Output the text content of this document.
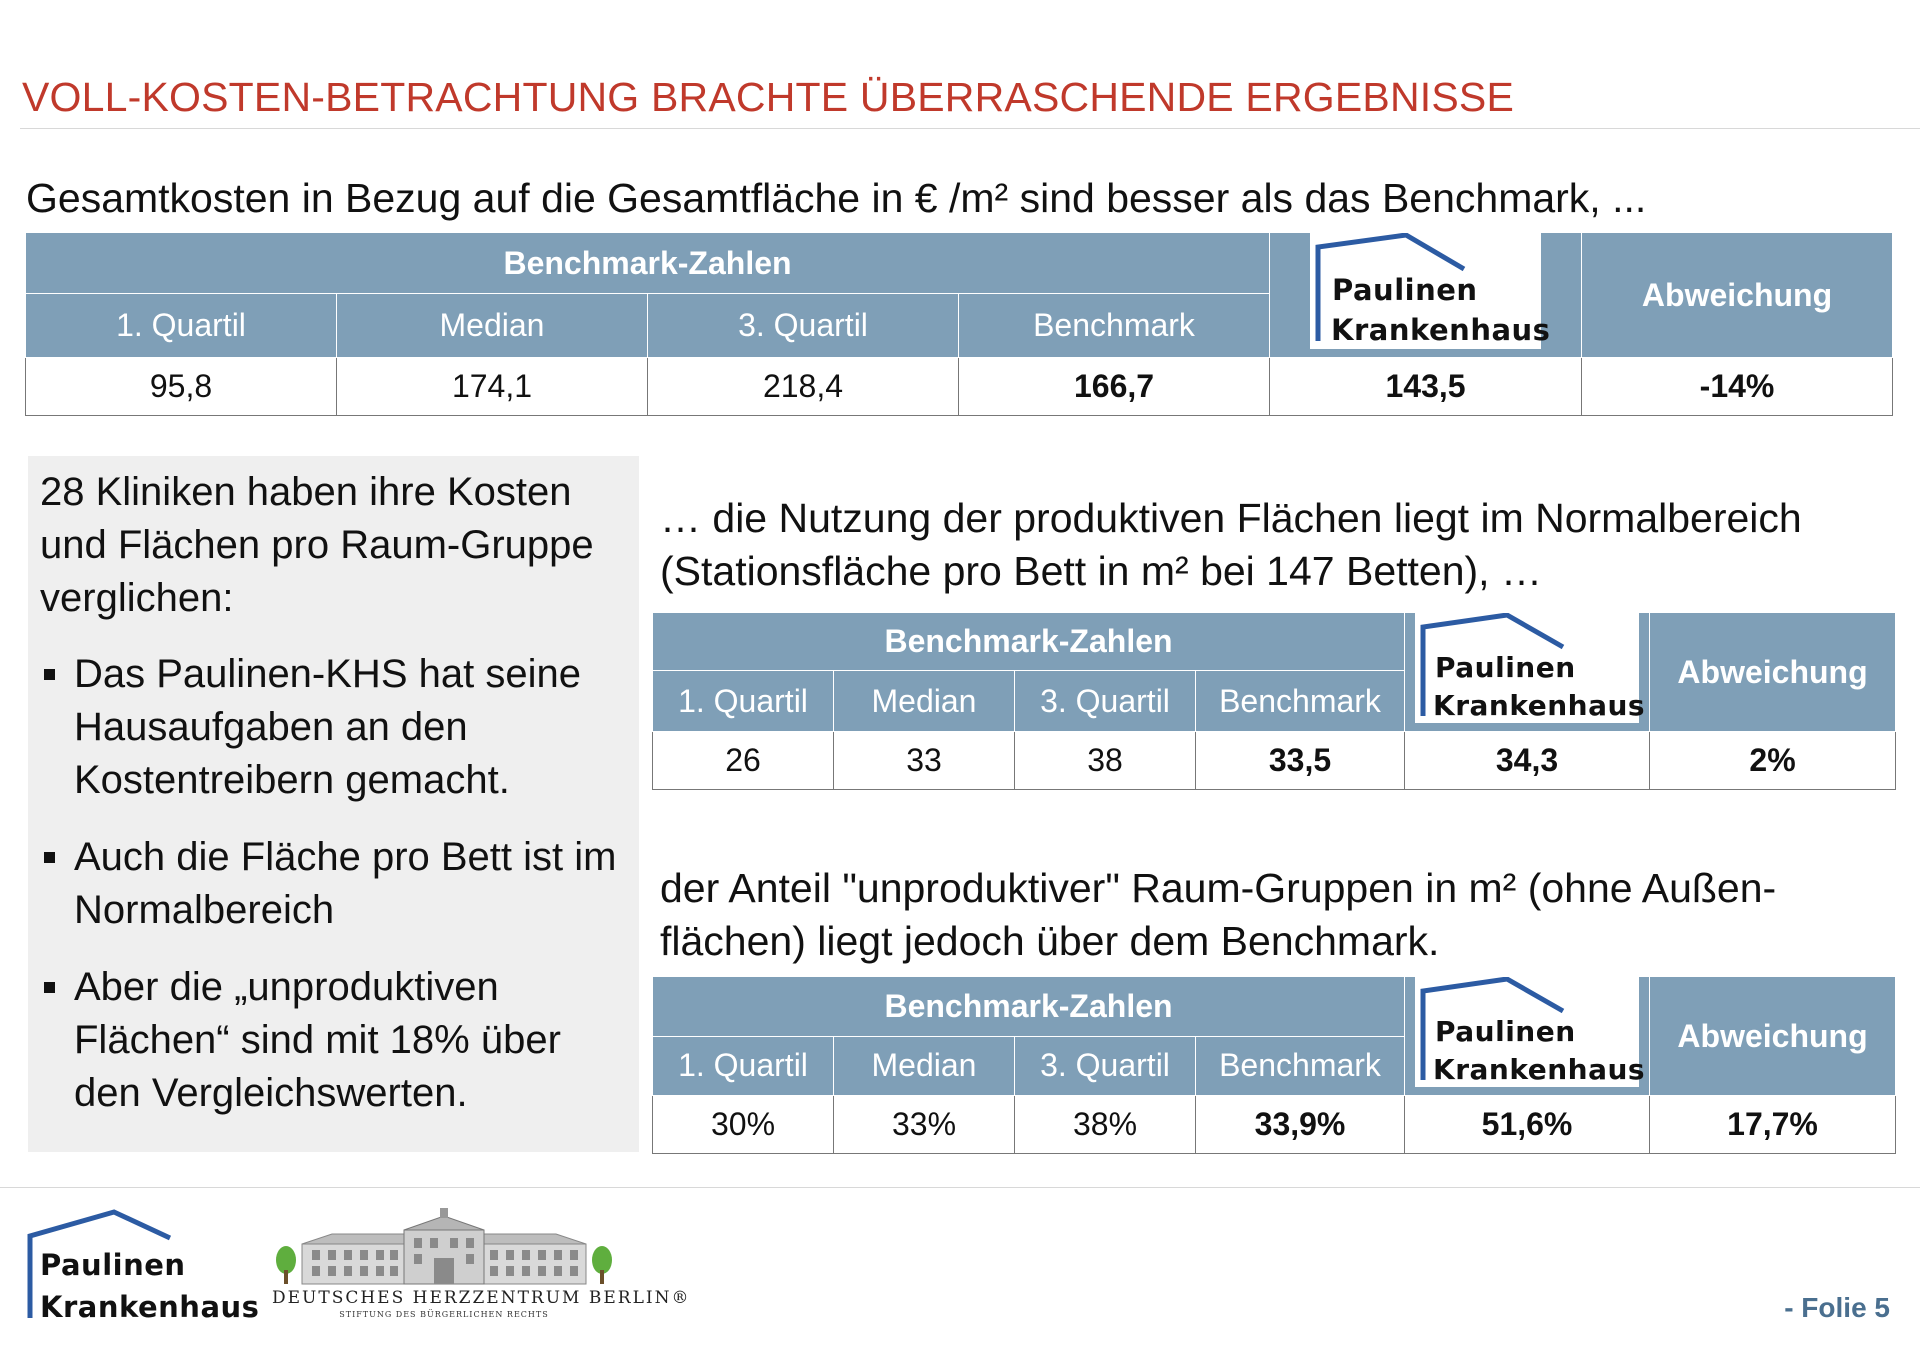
VOLL-KOSTEN-BETRACHTUNG BRACHTE ÜBERRASCHENDE ERGEBNISSE
Gesamtkosten in Bezug auf die Gesamtfläche in € /m² sind besser als das Benchmark, ...
Benchmark-Zahlen				Paulinen
Krankenhaus	Abweichung
1. Quartil	Median	3. Quartil	Benchmark		
95,8	174,1	218,4	166,7	143,5	-14%
28 Kliniken haben ihre Kosten und Flächen pro Raum-Gruppe verglichen:
Das Paulinen-KHS hat seine Hausaufgaben an den Kostentreibern gemacht.
Auch die Fläche pro Bett ist im Normalbereich
Aber die „unproduktiven Flächen“ sind mit 18% über den Vergleichswerten.
… die Nutzung der produktiven Flächen liegt im Normalbereich (Stationsfläche pro Bett in m² bei 147 Betten), …
Benchmark-Zahlen				Paulinen
Krankenhaus	Abweichung
1. Quartil	Median	3. Quartil	Benchmark		
26	33	38	33,5	34,3	2%
der Anteil "unproduktiver" Raum-Gruppen in m² (ohne Außen-flächen) liegt jedoch über dem Benchmark.
Benchmark-Zahlen				Paulinen
Krankenhaus	Abweichung
1. Quartil	Median	3. Quartil	Benchmark		
30%	33%	38%	33,9%	51,6%	17,7%
Paulinen
Krankenhaus DEUTSCHES HERZZENTRUM BERLIN®
STIFTUNG DES BÜRGERLICHEN RECHTS	- Folie 5
